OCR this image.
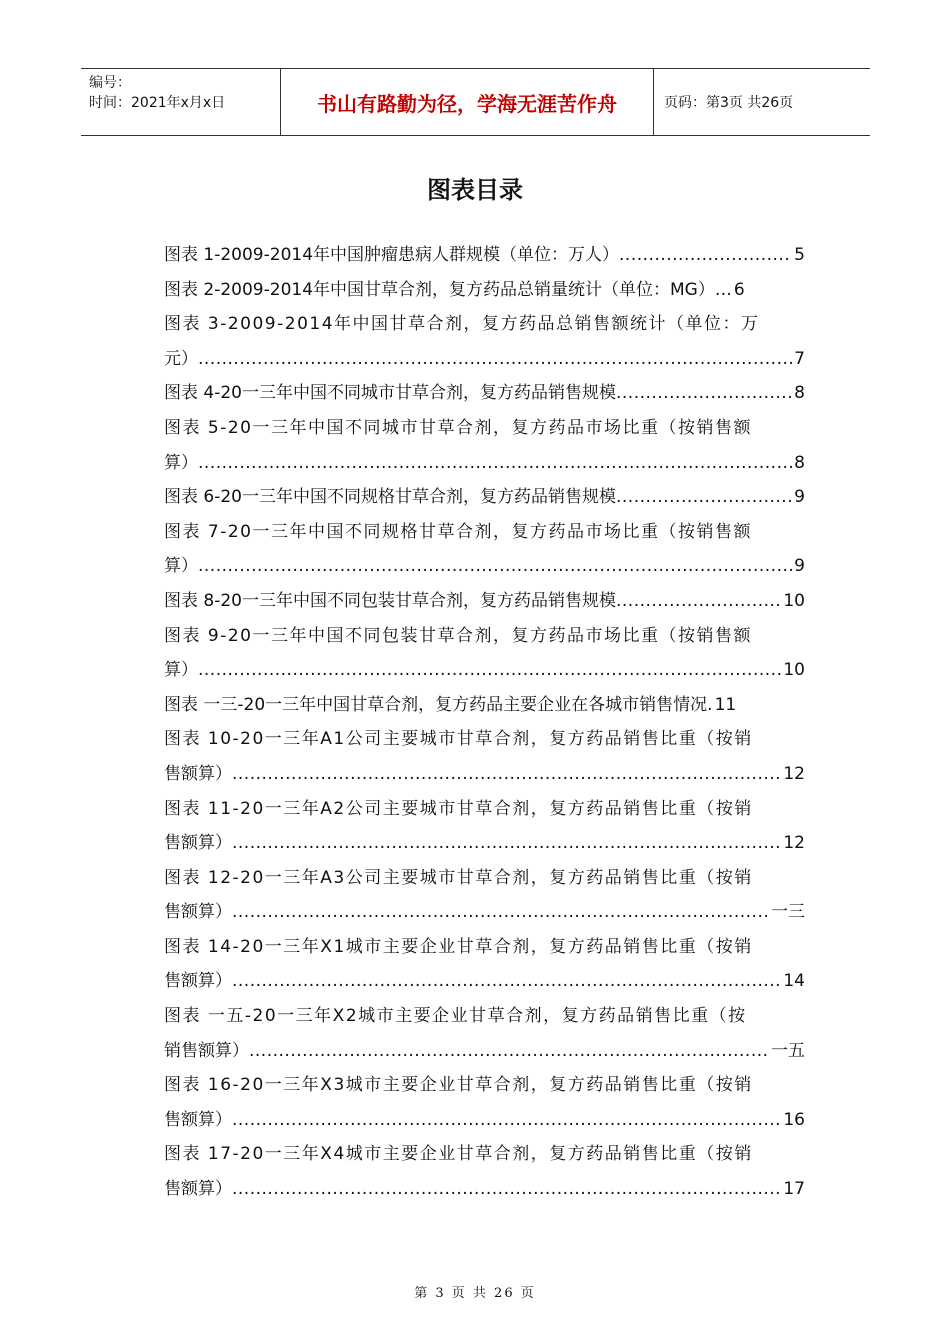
编号：
时间：2021年x月x日	书山有路勤为径，学海无涯苦作舟	页码：第3页 共26页
图表目录
图表 1-2009-2014年中国肿瘤患病人群规模（单位：万人） .....	5
图表 2-2009-2014年中国甘草合剂，复方药品总销量统计（单位：MG）… 6
图表 3-2009-2014年中国甘草合剂，复方药品总销售额统计（单位：万
元） .....	7
图表 4-20一三年中国不同城市甘草合剂，复方药品销售规模 .....	8
图表 5-20一三年中国不同城市甘草合剂，复方药品市场比重（按销售额
算） .....	8
图表 6-20一三年中国不同规格甘草合剂，复方药品销售规模 .....	9
图表 7-20一三年中国不同规格甘草合剂，复方药品市场比重（按销售额
算） .....	9
图表 8-20一三年中国不同包装甘草合剂，复方药品销售规模 .....	10
图表 9-20一三年中国不同包装甘草合剂，复方药品市场比重（按销售额
算） .....	10
图表 一三-20一三年中国甘草合剂，复方药品主要企业在各城市销售情况. 11
图表 10-20一三年A1公司主要城市甘草合剂，复方药品销售比重（按销
售额算） .....	12
图表 11-20一三年A2公司主要城市甘草合剂，复方药品销售比重（按销
售额算） .....	12
图表 12-20一三年A3公司主要城市甘草合剂，复方药品销售比重（按销
售额算） .....	一三
图表 14-20一三年X1城市主要企业甘草合剂，复方药品销售比重（按销
售额算） .....	14
图表 一五-20一三年X2城市主要企业甘草合剂，复方药品销售比重（按
销售额算） .....	一五
图表 16-20一三年X3城市主要企业甘草合剂，复方药品销售比重（按销
售额算） .....	16
图表 17-20一三年X4城市主要企业甘草合剂，复方药品销售比重（按销
售额算） .....	17
第 3 页 共 26 页
